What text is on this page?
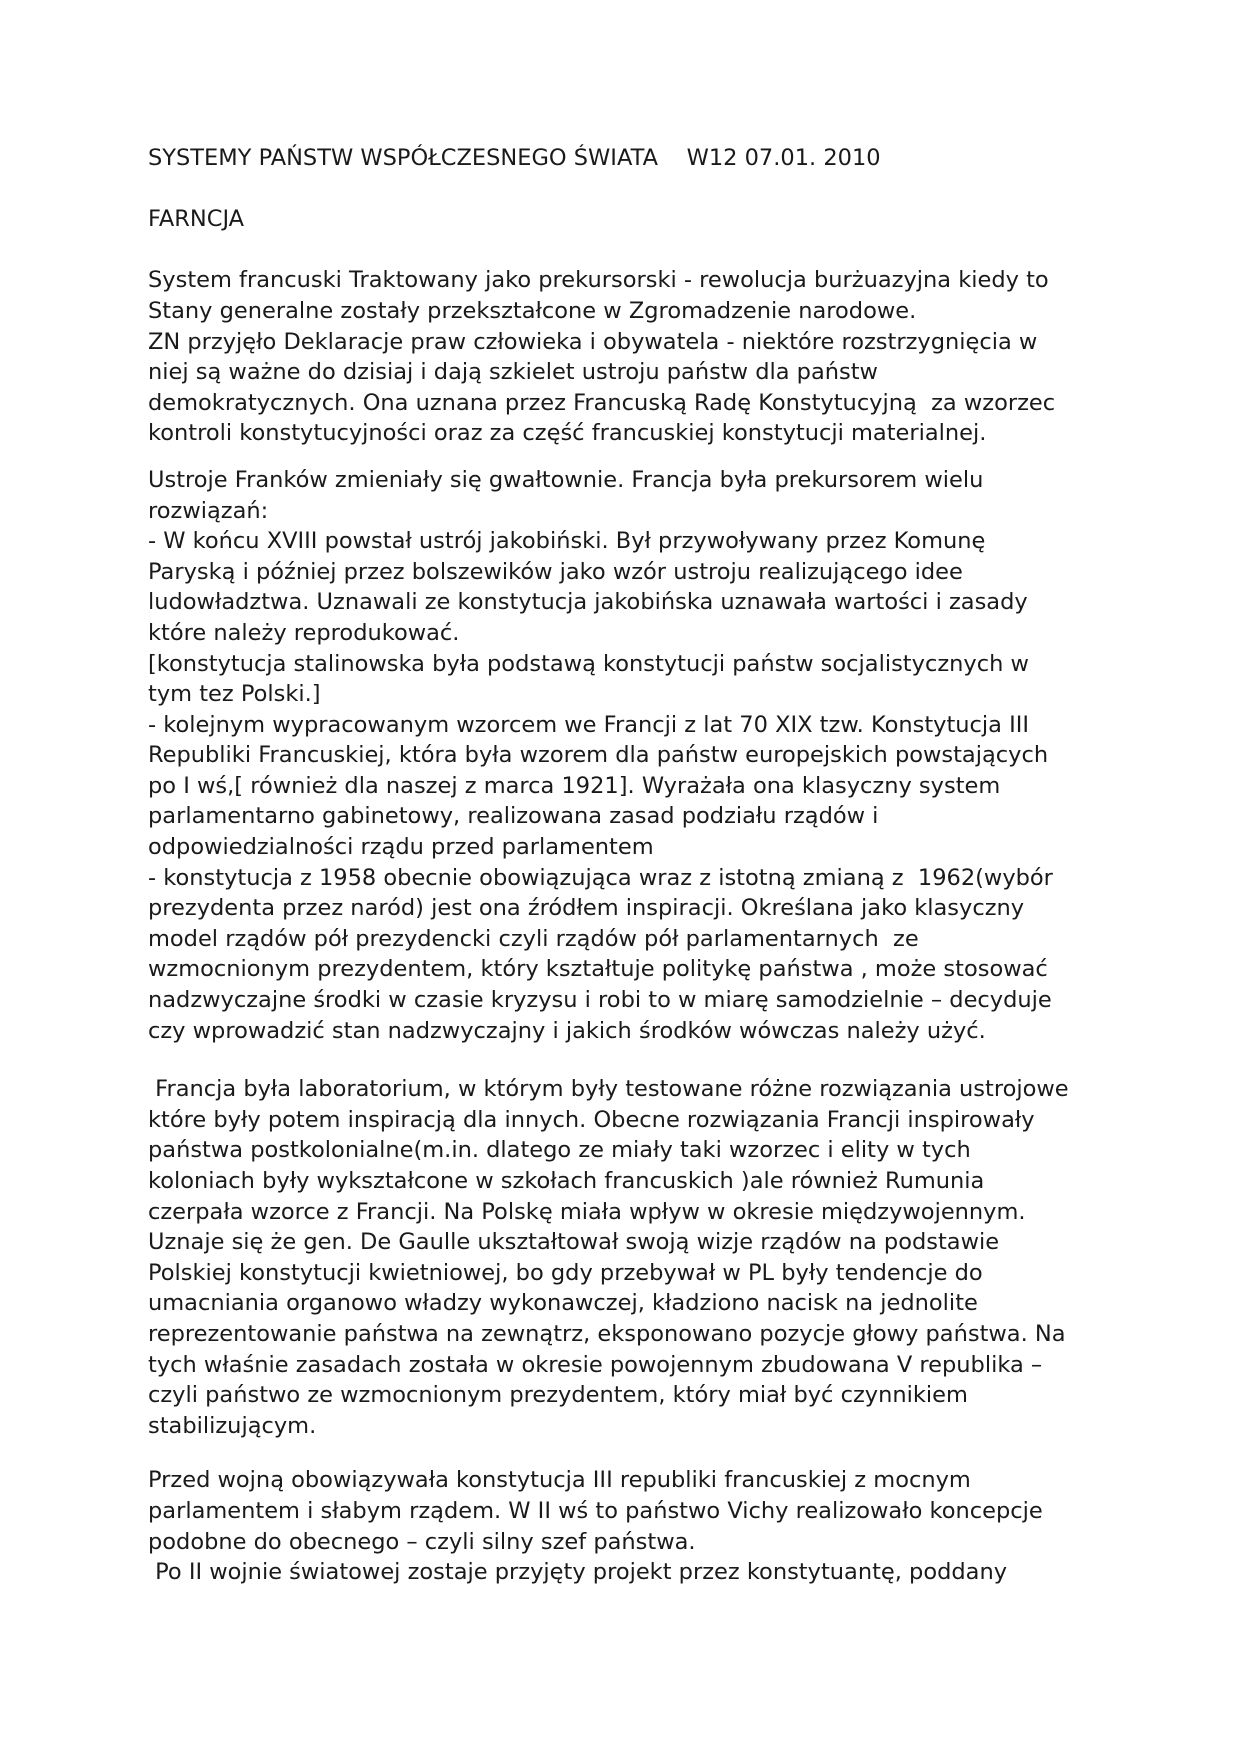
SYSTEMY PAŃSTW WSPÓŁCZESNEGO ŚWIATA    W12 07.01. 2010
FARNCJA
System francuski Traktowany jako prekursorski - rewolucja burżuazyjna kiedy to
Stany generalne zostały przekształcone w Zgromadzenie narodowe.
ZN przyjęło Deklaracje praw człowieka i obywatela - niektóre rozstrzygnięcia w
niej są ważne do dzisiaj i dają szkielet ustroju państw dla państw
demokratycznych. Ona uznana przez Francuską Radę Konstytucyjną  za wzorzec
kontroli konstytucyjności oraz za część francuskiej konstytucji materialnej.
Ustroje Franków zmieniały się gwałtownie. Francja była prekursorem wielu
rozwiązań:
- W końcu XVIII powstał ustrój jakobiński. Był przywoływany przez Komunę
Paryską i później przez bolszewików jako wzór ustroju realizującego idee
ludowładztwa. Uznawali ze konstytucja jakobińska uznawała wartości i zasady
które należy reprodukować.
[konstytucja stalinowska była podstawą konstytucji państw socjalistycznych w
tym tez Polski.]
- kolejnym wypracowanym wzorcem we Francji z lat 70 XIX tzw. Konstytucja III
Republiki Francuskiej, która była wzorem dla państw europejskich powstających
po I wś,[ również dla naszej z marca 1921]. Wyrażała ona klasyczny system
parlamentarno gabinetowy, realizowana zasad podziału rządów i
odpowiedzialności rządu przed parlamentem
- konstytucja z 1958 obecnie obowiązująca wraz z istotną zmianą z  1962(wybór
prezydenta przez naród) jest ona źródłem inspiracji. Określana jako klasyczny
model rządów pół prezydencki czyli rządów pół parlamentarnych  ze
wzmocnionym prezydentem, który kształtuje politykę państwa , może stosować
nadzwyczajne środki w czasie kryzysu i robi to w miarę samodzielnie – decyduje
czy wprowadzić stan nadzwyczajny i jakich środków wówczas należy użyć.
Francja była laboratorium, w którym były testowane różne rozwiązania ustrojowe
które były potem inspiracją dla innych. Obecne rozwiązania Francji inspirowały
państwa postkolonialne(m.in. dlatego ze miały taki wzorzec i elity w tych
koloniach były wykształcone w szkołach francuskich )ale również Rumunia
czerpała wzorce z Francji. Na Polskę miała wpływ w okresie międzywojennym.
Uznaje się że gen. De Gaulle ukształtował swoją wizje rządów na podstawie
Polskiej konstytucji kwietniowej, bo gdy przebywał w PL były tendencje do
umacniania organowo władzy wykonawczej, kładziono nacisk na jednolite
reprezentowanie państwa na zewnątrz, eksponowano pozycje głowy państwa. Na
tych właśnie zasadach została w okresie powojennym zbudowana V republika –
czyli państwo ze wzmocnionym prezydentem, który miał być czynnikiem
stabilizującym.
Przed wojną obowiązywała konstytucja III republiki francuskiej z mocnym
parlamentem i słabym rządem. W II wś to państwo Vichy realizowało koncepcje
podobne do obecnego – czyli silny szef państwa.
Po II wojnie światowej zostaje przyjęty projekt przez konstytuantę, poddany
